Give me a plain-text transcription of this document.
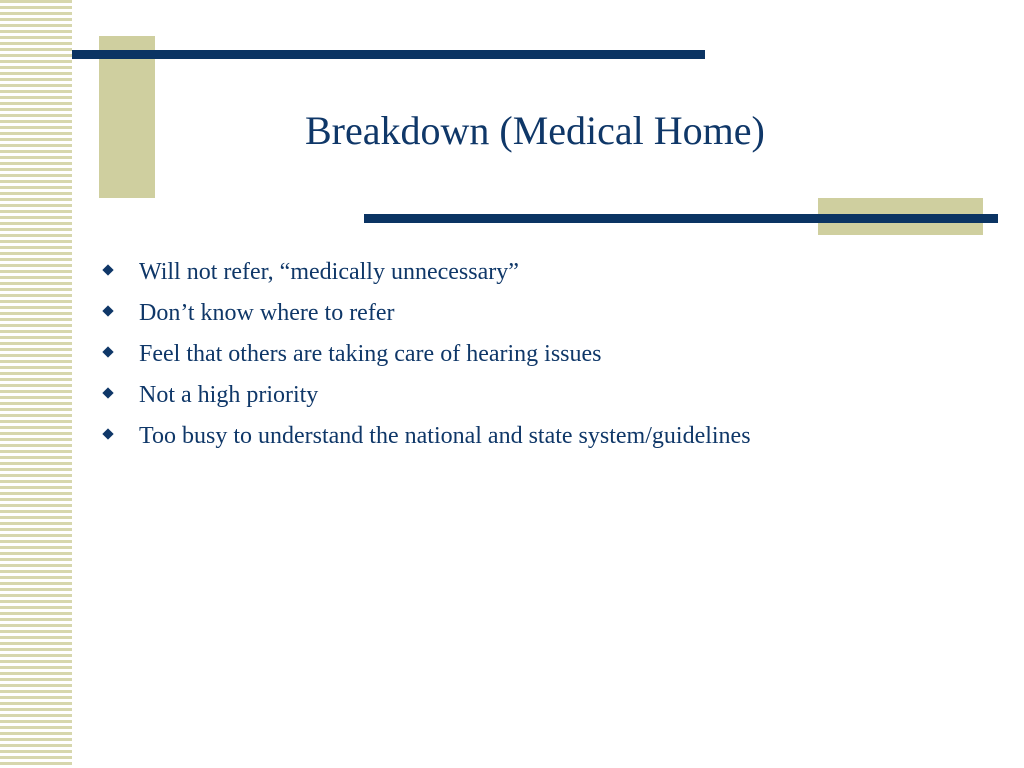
Breakdown (Medical Home)
Will not refer, “medically unnecessary”
Don’t know where to refer
Feel that others are taking care of hearing issues
Not a high priority
Too busy to understand the national and state system/guidelines
